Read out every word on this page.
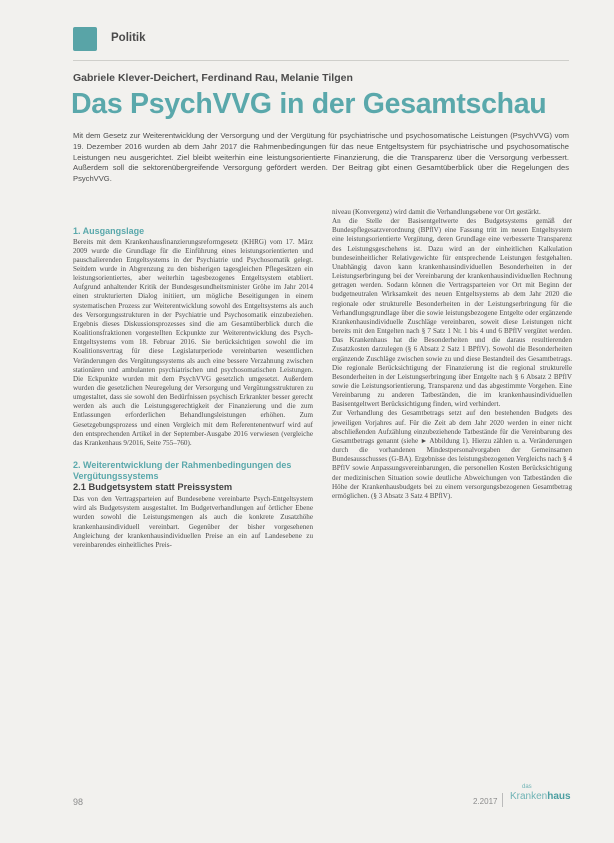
Politik
Gabriele Klever-Deichert, Ferdinand Rau, Melanie Tilgen
Das PsychVVG in der Gesamtschau

Mit dem Gesetz zur Weiterentwicklung der Versorgung und der Vergütung für psychiatrische und psychosomatische Leistungen (PsychVVG) vom 19. Dezember 2016 wurden ab dem Jahr 2017 die Rahmenbedingungen für das neue Entgeltsystem für psychiatrische und psychosomatische Leistungen neu ausgerichtet. Ziel bleibt weiterhin eine leistungsorientierte Finanzierung, die die Transparenz über die Versorgung verbessert. Außerdem soll die sektorenübergreifende Versorgung gefördert werden. Der Beitrag gibt einen Gesamtüberblick über die Regelungen des PsychVVG.

1. Ausgangslage

Bereits mit dem Krankenhausfinanzierungsreformgesetz (KHRG) vom 17. März 2009 wurde die Grundlage für die Einführung eines leistungsorientierten und pauschalierenden Entgeltsystems in der Psychiatrie und Psychosomatik gelegt. Seitdem wurde in Abgrenzung zu den bisherigen tagesgleichen Pflegesätzen ein leistungsorientiertes, aber weiterhin tagesbezogenes Entgeltsystem etabliert. Aufgrund anhaltender Kritik der Bundesgesundheitsminister Gröhe im Jahr 2014 einen strukturierten Dialog initiiert, um mögliche Beseitigungen in einem systematischen Prozess zur Weiterentwicklung sowohl des Entgeltsystems als auch des Versorgungsstrukturen in der Psychiatrie und Psychosomatik einzubeziehen. Ergebnis dieses Diskussionsprozesses sind die am Gesamtüberblick durch die Koalitionsfraktionen vorgestellten Eckpunkte zur Weiterentwicklung des Psych-Entgeltsystems vom 18. Februar 2016. Sie berücksichtigen sowohl die im Koalitionsvertrag für diese Legislaturperiode vereinbarten wesentlichen Veränderungen des Vergütungssystems als auch eine bessere Verzahnung zwischen stationären und ambulanten psychiatrischen und psychosomatischen Leistungen. Die Eckpunkte wurden mit dem PsychVVG gesetzlich umgesetzt. Außerdem wurden die gesetzlichen Neuregelung der Versorgung und Vergütungsstrukturen zu umgestaltet, dass sie sowohl den Bedürfnissen psychisch Erkrankter besser gerecht werden als auch die Leistungsgerechtigkeit der Finanzierung und die zum Entlassungen erforderlichen Behandlungsleistungen erhöhen. Zum Gesetzgebungsprozess und einen Vergleich mit dem Referentenentwurf wird auf den entsprechenden Artikel in der September-Ausgabe 2016 verwiesen (vergleiche das Krankenhaus 9/2016, Seite 755–760).

2. Weiterentwicklung der Rahmenbedingungen des Vergütungssystems
2.1 Budgetsystem statt Preissystem

Das von den Vertragsparteien auf Bundesebene vereinbarte Psych-Entgeltsystem wird als Budgetsystem ausgestaltet. Im Budgetverhandlungen auf örtlicher Ebene wurden sowohl die Leistungsmengen als auch die konkrete Zusatzhöhe krankenhausindividuell vereinbart. Gegenüber der bisher vorgesehenen Angleichung der krankenhausindividuellen Preise an ein auf Landesebene zu vereinbarendes einheitliches Preis-

niveau (Konvergenz) wird damit die Verhandlungsebene vor Ort gestärkt.
An die Stelle der Basisentgeltwerte des Budgetsystems gemäß der Bundespflegesatzverordnung (BPflV) eine Fassung tritt im neuen Entgeltsystem eine leistungsorientierte Vergütung, deren Grundlage eine verbesserte Transparenz des Leistungsgeschehens ist. Dazu wird an der einheitlichen Kalkulation bundeseinheitlicher Relativgewichte für entsprechende Leistungen festgehalten. Unabhängig davon kann krankenhausindividuellen Besonderheiten in der Leistungserbringung bei der Vereinbarung der krankenhausindividuellen Rechnung getragen werden. Sodann können die Vertragsparteien vor Ort mit Beginn der budgetneutralen Wirksamkeit des neuen Entgeltsystems ab dem Jahr 2020 die regionale oder strukturelle Besonderheiten in der Leistungserbringung für die Verhandlungsgrundlage über die sowie leistungsbezogene Entgelte oder ergänzende Krankenhausindividuelle Zuschläge vereinbaren, soweit diese Leistungen nicht bereits mit den Entgelten nach § 7 Satz 1 Nr. 1 bis 4 und 6 BPflV vergütet werden. Das Krankenhaus hat die Besonderheiten und die daraus resultierenden Zusatzkosten darzulegen (§ 6 Absatz 2 Satz 1 BPflV). Sowohl die Besonderheiten ergänzende Zuschläge zwischen sowie zu und diese Bestandteil des Gesamtbetrags. Die regionale Berücksichtigung der Finanzierung ist die regional strukturelle Besonderheiten in der Leistungserbringung über Entgelte nach § 6 Absatz 2 BPflV sowie die Leistungsorientierung, Transparenz und das abgestimmte Vorgehen. Eine Vereinbarung zu anderen Tatbeständen, die im krankenhausindividuellen Basisentgeltwert Berücksichtigung finden, wird verhindert.
Zur Verhandlung des Gesamtbetrags setzt auf den bestehenden Budgets des jeweiligen Vorjahres auf. Für die Zeit ab dem Jahr 2020 werden in einer nicht abschließenden Aufzählung einzubeziehende Tatbestände für die Vereinbarung des Gesamtbetrags genannt (siehe ► Abbildung 1). Hierzu zählen u. a. Veränderungen durch die vorhandenen Mindestpersonalvorgaben der Gemeinsamen Bundesausschusses (G-BA). Ergebnisse des leistungsbezogenen Vergleichs nach § 4 BPflV sowie Anpassungsvereinbarungen, die personellen Kosten Berücksichtigung der medizinischen Situation sowie deutliche Abweichungen von Tatbeständen die Höhe der Krankenhausbudgets bei zu einem versorgungsbezogenen Gesamtbetrag ermöglichen. (§ 3 Absatz 3 Satz 4 BPflV).

98	2.2017
das
Krankenhaus
